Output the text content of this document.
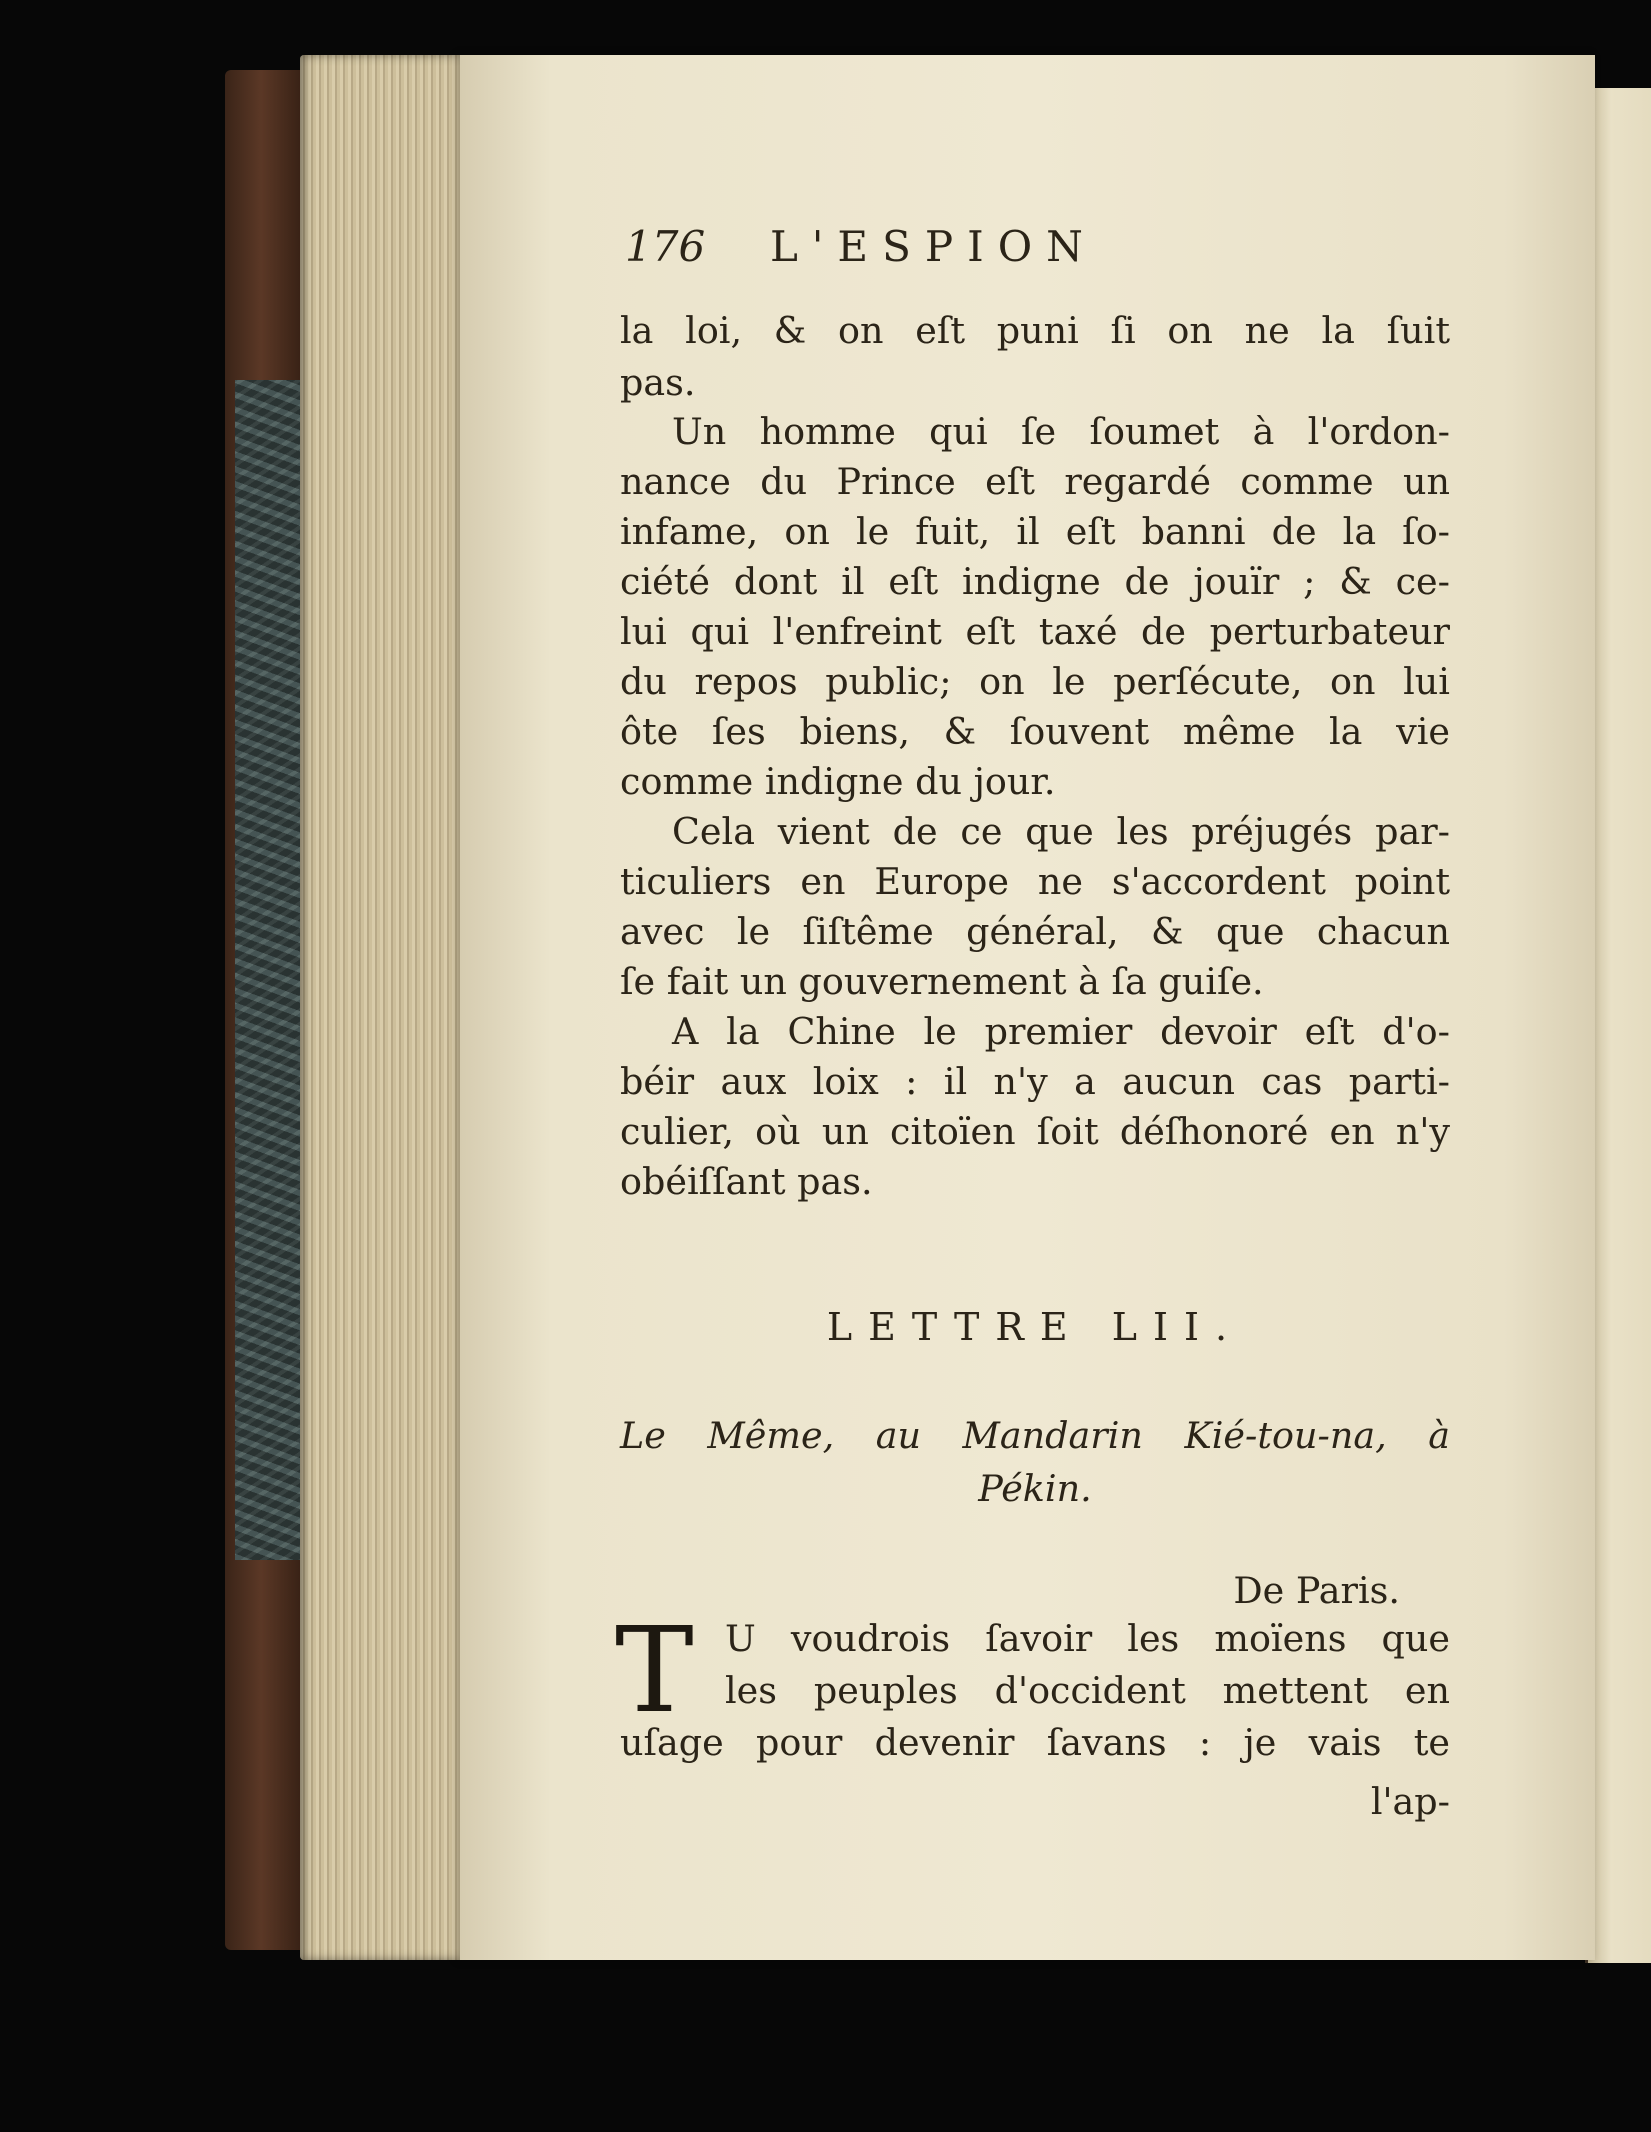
176 L'ESPION
la loi, & on eſt puni ſi on ne la ſuit
pas.
Un homme qui ſe ſoumet à l'ordon-
nance du Prince eſt regardé comme un
infame, on le fuit, il eſt banni de la ſo-
ciété dont il eſt indigne de jouïr ; & ce-
lui qui l'enfreint eſt taxé de perturbateur
du repos public; on le perſécute, on lui
ôte ſes biens, & ſouvent même la vie
comme indigne du jour.
Cela vient de ce que les préjugés par-
ticuliers en Europe ne s'accordent point
avec le ſiſtême général, & que chacun
ſe fait un gouvernement à ſa guiſe.
A la Chine le premier devoir eſt d'o-
béir aux loix : il n'y a aucun cas parti-
culier, où un citoïen ſoit déſhonoré en n'y
obéiſſant pas.
LETTRE LII.
Le Même, au Mandarin Kié-tou-na, à
Pékin.
De Paris.
T U voudrois ſavoir les moïens que
les peuples d'occident mettent en
uſage pour devenir ſavans : je vais te
l'ap-
